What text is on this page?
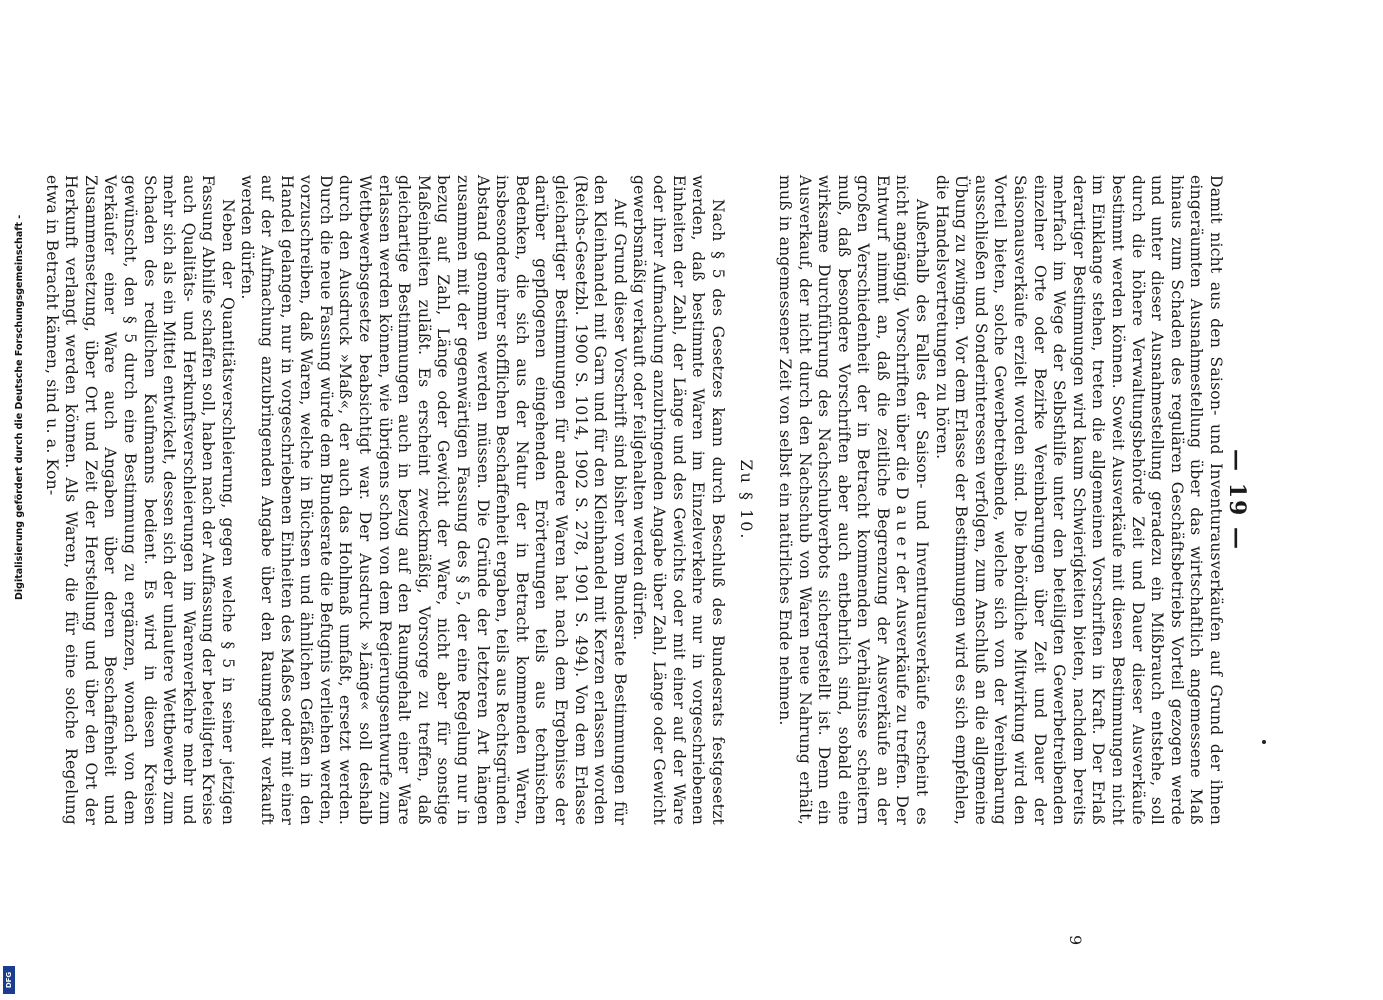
— 19 —

Damit nicht aus den Saison- und Inventurausverkäufen auf Grund der ihnen eingeräumten Ausnahmestellung über das wirtschaftlich angemessene Maß hinaus zum Schaden des regulären Geschäftsbetriebs Vorteil gezogen werde und unter dieser Ausnahmestellung geradezu ein Mißbrauch entstehe, soll durch die höhere Verwaltungsbehörde Zeit und Dauer dieser Ausverkäufe bestimmt werden können. Soweit Ausverkäufe mit diesen Bestimmungen nicht im Einklange stehen, treten die allgemeinen Vorschriften in Kraft. Der Erlaß derartiger Bestimmungen wird kaum Schwierigkeiten bieten, nachdem bereits mehrfach im Wege der Selbsthilfe unter den beteiligten Gewerbetreibenden einzelner Orte oder Bezirke Vereinbarungen über Zeit und Dauer der Saisonausverkäufe erzielt worden sind. Die behördliche Mitwirkung wird den Vorteil bieten, solche Gewerbetreibende, welche sich von der Vereinbarung ausschließen und Sonderinteressen verfolgen, zum Anschluß an die allgemeine Übung zu zwingen. Vor dem Erlasse der Bestimmungen wird es sich empfehlen, die Handelsvertretungen zu hören.

Außerhalb des Falles der Saison- und Inventurausverkäufe erscheint es nicht angängig, Vorschriften über die D a u e r der Ausverkäufe zu treffen. Der Entwurf nimmt an, daß die zeitliche Begrenzung der Ausverkäufe an der großen Verschiedenheit der in Betracht kommenden Verhältnisse scheitern muß, daß besondere Vorschriften aber auch entbehrlich sind, sobald eine wirksame Durchführung des Nachschubverbots sichergestellt ist. Denn ein Ausverkauf, der nicht durch den Nachschub von Waren neue Nahrung erhält, muß in angemessener Zeit von selbst ein natürliches Ende nehmen.

Zu § 10.

Nach § 5 des Gesetzes kann durch Beschluß des Bundesrats festgesetzt werden, daß bestimmte Waren im Einzelverkehre nur in vorgeschriebenen Einheiten der Zahl, der Länge und des Gewichts oder mit einer auf der Ware oder ihrer Aufmachung anzubringenden Angabe über Zahl, Länge oder Gewicht gewerbsmäßig verkauft oder feilgehalten werden dürfen.

Auf Grund dieser Vorschrift sind bisher vom Bundesrate Bestimmungen für den Kleinhandel mit Garn und für den Kleinhandel mit Kerzen erlassen worden (Reichs-Gesetzbl. 1900 S. 1014, 1902 S. 278, 1901 S. 494). Von dem Erlasse gleichartiger Bestimmungen für andere Waren hat nach dem Ergebnisse der darüber gepflogenen eingehenden Erörterungen teils aus technischen Bedenken, die sich aus der Natur der in Betracht kommenden Waren, insbesondere ihrer stofflichen Beschaffenheit ergaben, teils aus Rechtsgründen Abstand genommen werden müssen. Die Gründe der letzteren Art hängen zusammen mit der gegenwärtigen Fassung des § 5, der eine Regelung nur in bezug auf Zahl, Länge oder Gewicht der Ware, nicht aber für sonstige Maßeinheiten zuläßt. Es erscheint zweckmäßig, Vorsorge zu treffen, daß gleichartige Bestimmungen auch in bezug auf den Raumgehalt einer Ware erlassen werden können, wie übrigens schon von dem Regierungsentwurfe zum Wettbewerbsgesetze beabsichtigt war. Der Ausdruck »Länge« soll deshalb durch den Ausdruck »Maß«, der auch das Hohlmaß umfaßt, ersetzt werden. Durch die neue Fassung würde dem Bundesrate die Befugnis verliehen werden, vorzuschreiben, daß Waren, welche in Büchsen und ähnlichen Gefäßen in den Handel gelangen, nur in vorgeschriebenen Einheiten des Maßes oder mit einer auf der Aufmachung anzubringenden Angabe über den Raumgehalt verkauft werden dürfen.

Neben der Quantitätsverschleierung, gegen welche § 5 in seiner jetzigen Fassung Abhilfe schaffen soll, haben nach der Auffassung der beteiligten Kreise auch Qualitäts- und Herkunftsverschleierungen im Warenverkehre mehr und mehr sich als ein Mittel entwickelt, dessen sich der unlautere Wettbewerb zum Schaden des redlichen Kaufmanns bedient. Es wird in diesen Kreisen gewünscht, den § 5 durch eine Bestimmung zu ergänzen, wonach von dem Verkäufer einer Ware auch Angaben über deren Beschaffenheit und Zusammensetzung, über Ort und Zeit der Herstellung und über den Ort der Herkunft verlangt werden können. Als Waren, die für eine solche Regelung etwa in Betracht kämen, sind u. a. Kon-

9
Digitalisierung gefördert durch die Deutsche Forschungsgemeinschaft -
DFG
